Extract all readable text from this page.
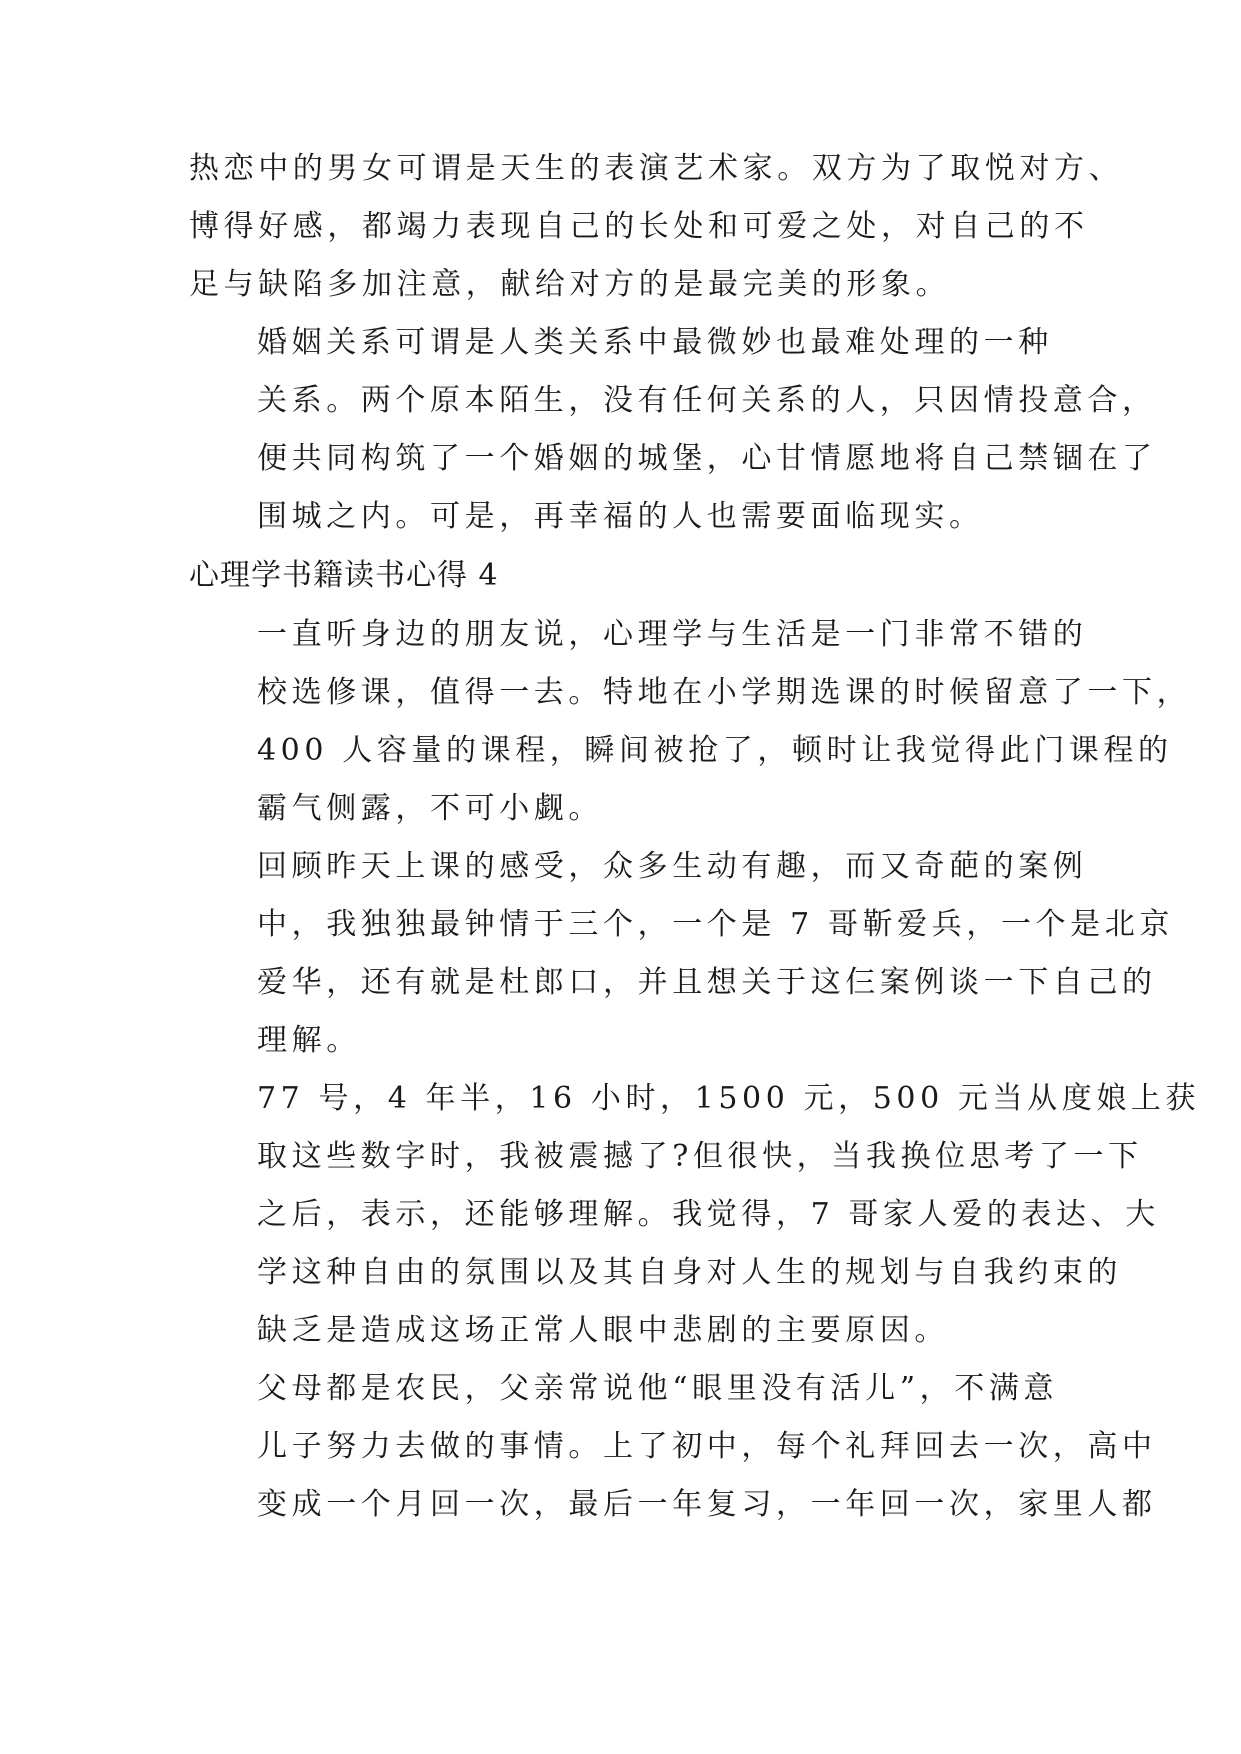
热恋中的男女可谓是天生的表演艺术家。双方为了取悦对方、
博得好感，都竭力表现自己的长处和可爱之处，对自己的不
足与缺陷多加注意，献给对方的是最完美的形象。

婚姻关系可谓是人类关系中最微妙也最难处理的一种
关系。两个原本陌生，没有任何关系的人，只因情投意合，
便共同构筑了一个婚姻的城堡，心甘情愿地将自己禁锢在了
围城之内。可是，再幸福的人也需要面临现实。

心理学书籍读书心得 4

一直听身边的朋友说，心理学与生活是一门非常不错的
校选修课，值得一去。特地在小学期选课的时候留意了一下，
400 人容量的课程，瞬间被抢了，顿时让我觉得此门课程的
霸气侧露，不可小觑。

回顾昨天上课的感受，众多生动有趣，而又奇葩的案例
中，我独独最钟情于三个，一个是 7 哥靳爱兵，一个是北京
爱华，还有就是杜郎口，并且想关于这仨案例谈一下自己的
理解。

77 号，4 年半，16 小时，1500 元，500 元当从度娘上获
取这些数字时，我被震撼了?但很快，当我换位思考了一下
之后，表示，还能够理解。我觉得，7 哥家人爱的表达、大
学这种自由的氛围以及其自身对人生的规划与自我约束的
缺乏是造成这场正常人眼中悲剧的主要原因。

父母都是农民，父亲常说他“眼里没有活儿”，不满意
儿子努力去做的事情。上了初中，每个礼拜回去一次，高中
变成一个月回一次，最后一年复习，一年回一次，家里人都
